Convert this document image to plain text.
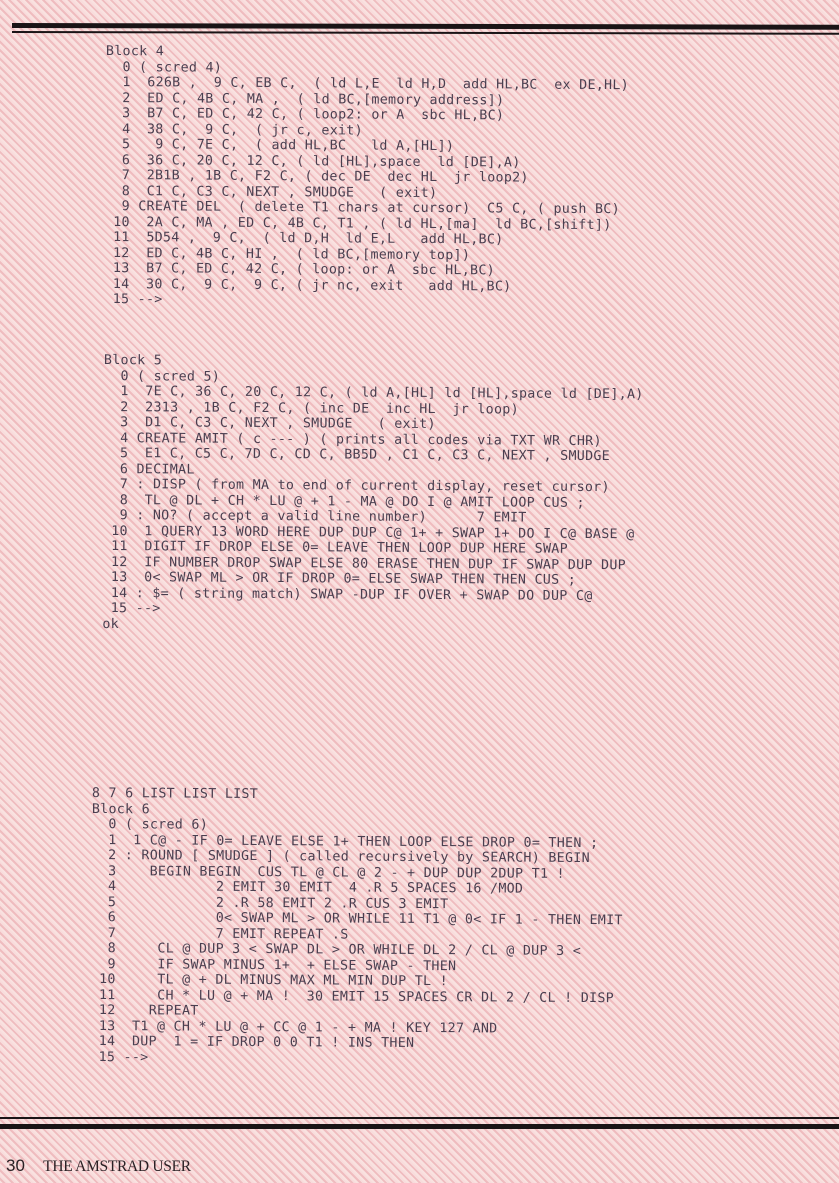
Block 4
0 ( scred 4)
1  626B ,  9 C, EB C,  ( ld L,E  ld H,D  add HL,BC  ex DE,HL)
2  ED C, 4B C, MA ,  ( ld BC,[memory address])
3  B7 C, ED C, 42 C, ( loop2: or A  sbc HL,BC)
4  38 C,  9 C,  ( jr c, exit)
5   9 C, 7E C,  ( add HL,BC   ld A,[HL])
6  36 C, 20 C, 12 C, ( ld [HL],space  ld [DE],A)
7  2B1B , 1B C, F2 C, ( dec DE  dec HL  jr loop2)
8  C1 C, C3 C, NEXT , SMUDGE   ( exit)
9 CREATE DEL  ( delete T1 chars at cursor)  C5 C, ( push BC)
10  2A C, MA , ED C, 4B C, T1 , ( ld HL,[ma]  ld BC,[shift])
11  5D54 ,  9 C,  ( ld D,H  ld E,L   add HL,BC)
12  ED C, 4B C, HI ,  ( ld BC,[memory top])
13  B7 C, ED C, 42 C, ( loop: or A  sbc HL,BC)
14  30 C,  9 C,  9 C, ( jr nc, exit   add HL,BC)
15 -->
Block 5
0 ( scred 5)
1  7E C, 36 C, 20 C, 12 C, ( ld A,[HL] ld [HL],space ld [DE],A)
2  2313 , 1B C, F2 C, ( inc DE  inc HL  jr loop)
3  D1 C, C3 C, NEXT , SMUDGE   ( exit)
4 CREATE AMIT ( c --- ) ( prints all codes via TXT WR CHR)
5  E1 C, C5 C, 7D C, CD C, BB5D , C1 C, C3 C, NEXT , SMUDGE
6 DECIMAL
7 : DISP ( from MA to end of current display, reset cursor)
8  TL @ DL + CH * LU @ + 1 - MA @ DO I @ AMIT LOOP CUS ;
9 : NO? ( accept a valid line number)      7 EMIT
10  1 QUERY 13 WORD HERE DUP DUP C@ 1+ + SWAP 1+ DO I C@ BASE @
11  DIGIT IF DROP ELSE 0= LEAVE THEN LOOP DUP HERE SWAP
12  IF NUMBER DROP SWAP ELSE 80 ERASE THEN DUP IF SWAP DUP DUP
13  0< SWAP ML > OR IF DROP 0= ELSE SWAP THEN THEN CUS ;
14 : $= ( string match) SWAP -DUP IF OVER + SWAP DO DUP C@
15 -->
ok
8 7 6 LIST LIST LIST
Block 6
0 ( scred 6)
1  1 C@ - IF 0= LEAVE ELSE 1+ THEN LOOP ELSE DROP 0= THEN ;
2 : ROUND [ SMUDGE ] ( called recursively by SEARCH) BEGIN
3    BEGIN BEGIN  CUS TL @ CL @ 2 - + DUP DUP 2DUP T1 !
4            2 EMIT 30 EMIT  4 .R 5 SPACES 16 /MOD
5            2 .R 58 EMIT 2 .R CUS 3 EMIT
6            0< SWAP ML > OR WHILE 11 T1 @ 0< IF 1 - THEN EMIT
7            7 EMIT REPEAT .S
8     CL @ DUP 3 < SWAP DL > OR WHILE DL 2 / CL @ DUP 3 <
9     IF SWAP MINUS 1+  + ELSE SWAP - THEN
10     TL @ + DL MINUS MAX ML MIN DUP TL !
11     CH * LU @ + MA !  30 EMIT 15 SPACES CR DL 2 / CL ! DISP
12    REPEAT
13  T1 @ CH * LU @ + CC @ 1 - + MA ! KEY 127 AND
14  DUP  1 = IF DROP 0 0 T1 ! INS THEN
15 -->
30 THE AMSTRAD USER
